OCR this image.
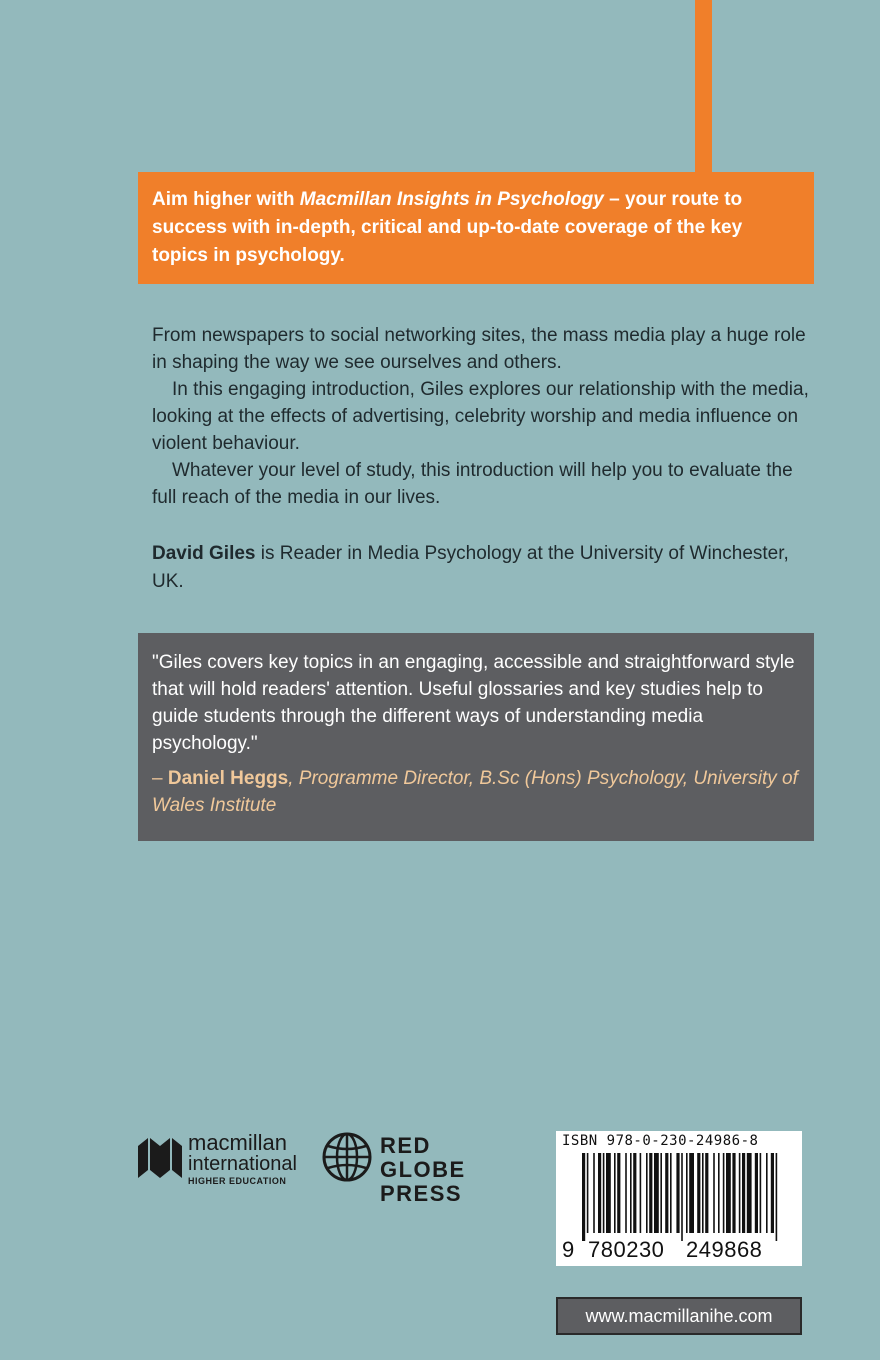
Aim higher with Macmillan Insights in Psychology – your route to success with in-depth, critical and up-to-date coverage of the key topics in psychology.

From newspapers to social networking sites, the mass media play a huge role in shaping the way we see ourselves and others.

In this engaging introduction, Giles explores our relationship with the media, looking at the effects of advertising, celebrity worship and media influence on violent behaviour.

Whatever your level of study, this introduction will help you to evaluate the full reach of the media in our lives.

David Giles is Reader in Media Psychology at the University of Winchester, UK.

"Giles covers key topics in an engaging, accessible and straightforward style that will hold readers' attention. Useful glossaries and key studies help to guide students through the different ways of understanding media psychology."

– Daniel Heggs, Programme Director, B.Sc (Hons) Psychology, University of Wales Institute

macmillan
international
HIGHER EDUCATION
RED GLOBE
PRESS
ISBN 978-0-230-24986-8
9 780230 249868
www.macmillanihe.com
